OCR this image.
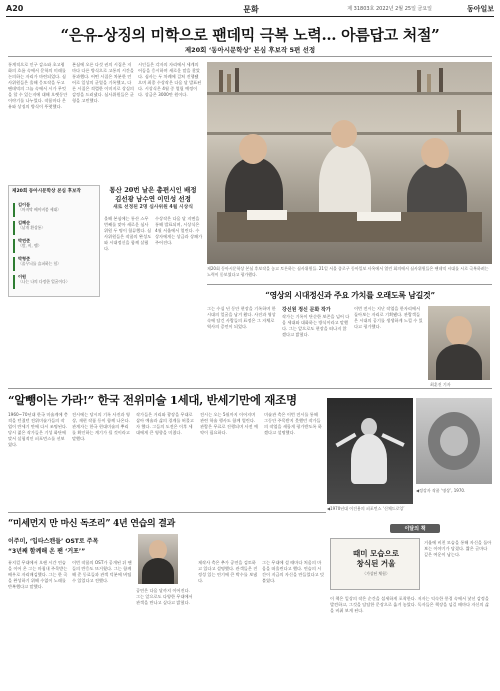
A20	문화	제 31803호 2022년 2월 25일 금요일	동아일보
“은유-상징의 미학으로 팬데믹 극복 노력… 아름답고 처절”
제20회 ‘동아시문학상’ 본심 후보작 5편 선정
통계적으로 인구 감소와 초고령화의 흐름 속에서 문학의 미래를 논의하는 자리가 마련되었다. 심사위원들은 올해 응모작을 두고 팬데믹의 그늘 속에서 시가 무엇을 할 수 있는지에 대해 오랫동안 이야기를 나누었다. 작품마다 은유와 상징의 방식이 뚜렷했다.
본심에 오른 다섯 권의 시집은 저마다 다른 방식으로 고통의 시간을 통과했다. 어떤 시집은 차분한 언어로 일상의 균열을 기록했고, 다른 시집은 격렬한 이미지로 상실의 감정을 드러냈다. 심사위원들은 균형을 고민했다.
시인들은 각자의 자리에서 세계의 어둠을 응시하며 새로운 말을 찾았다. 심사는 두 차례에 걸쳐 진행됐으며 최종 수상작은 다음 달 발표된다. 시상식은 4월 중 열릴 예정이다. 상금은 3000만 원이다.
제20회 동아시문학상 본심 후보작
김이듬
〈마지막 베이비붐 세대〉
김혜순
〈날개 환상통〉
박연준
〈밤, 비, 뱀〉
박형준
〈줄무늬를 슬퍼하는 힘〉
이원
〈나는 나의 다정한 얼굴이다〉
통산 20번 낱은 총편시인 배정
김선광 남수연 이민성 선정
새로 선정된 2명 심사위원 4월 시상식
올해 본심에는 통산 스무 번째를 맞아 새로운 심사위원 두 명이 합류했다. 심사위원들은 작품의 완성도와 시대정신을 함께 살폈다.
수상작은 다음 달 지면을 통해 발표되며, 시상식은 4월 서울에서 열린다. 수상자에게는 상금과 상패가 주어진다.
제20회 동아시문학상 본심 후보작을 놓고 토론하는 심사위원들. 21일 서울 종로구 동아일보 사옥에서 열린 회의에서 심사위원들은 팬데믹 시대를 시로 극복하려는 노력이 돋보였다고 평가했다.
“영상의 시대정신과 주요 가치를 오래도록 남길것”
그는 수십 년 동안 현장을 기록하며 한 시대의 얼굴을 남겨 왔다. 사진과 영상 속에 담긴 사람들의 표정은 그 자체로 역사의 증언이 되었다.
강신원 정신 문화 작가
작가는 기록이 단순한 보존을 넘어 다음 세대와 대화하는 방식이라고 말했다. 그는 앞으로도 현장을 떠나지 않겠다고 밝혔다.
이번 전시는 지난 작업을 한자리에서 돌아보는 자리로 기획됐다. 관람객들은 시대의 공기를 생생하게 느낄 수 있다고 평가했다.
최훈진 기자
“알뺑이는 가라!” 한국 전위미술 1세대, 반세기만에 재조명
1960~70년대 한국 미술계에 충격을 던졌던 전위미술가들의 작업이 반세기 만에 다시 조명된다. 당시 젊은 작가들은 기성 화단에 맞서 실험적인 퍼포먼스를 선보였다.
전시에는 당시의 기록 사진과 영상, 재현 작품 등이 함께 나온다. 관계자는 한국 현대미술의 뿌리를 확인하는 계기가 될 것이라고 말했다.
작가들은 거리와 광장을 무대로 삼아 예술과 삶의 경계를 허물고자 했다. 그들의 도전은 이후 세대에게 큰 영향을 미쳤다.
전시는 오는 5월까지 이어지며 관련 학술 행사도 함께 열린다. 관람은 무료로 진행되며 사전 예약이 필요하다.
미술관 측은 이번 전시를 통해 그동안 주목받지 못했던 작가들의 작업을 새롭게 평가받도록 하겠다고 설명했다.
◀1970년대 이건용의 퍼포먼스 ‘신체드로잉’
◀정강자 작품 ‘명상’, 1970.
“미세먼지 만 마신 독조리” 4년 연습의 결과
이주미, ‘입타스캔들’ OST로 주목
“3년째 함께해 온 팬 ‘거포’”
뮤지컬 무대에서 오랜 시간 연습을 이어 온 그는 마침내 주목받는 배우로 자리매김했다. 그는 한 곡을 완성하기 위해 수없이 노래를 반복했다고 말했다.
이번 작품의 OST가 공개된 뒤 팬들의 반응도 뜨거웠다. 그는 함께해 준 동료들과 관객 덕분에 버틸 수 있었다고 전했다.
공연은 다음 달까지 이어진다. 그는 앞으로도 다양한 무대에서 관객을 만나고 싶다고 밝혔다.
제작사 측은 추가 공연을 검토하고 있다고 설명했다. 관객들은 진정성 있는 연기에 큰 박수를 보냈다.
그는 무대에 설 때마다 처음의 마음을 떠올린다고 했다. 연습의 시간이 지금의 자신을 만들었다고 덧붙였다.
이달의 책
때미 모습으로
창식된 거울
〈가상된 체험〉
거울에 비친 모습을 통해 자신을 돌아보는 이야기가 담겼다. 짧은 글마다 깊은 여운이 남는다.
이 책은 일상의 작은 순간을 섬세하게 포착한다. 저자는 익숙한 풍경 속에서 낯선 감정을 발견하고, 그것을 담담한 문장으로 옮겨 놓았다. 독자들은 책장을 넘길 때마다 자신의 삶을 비춰 보게 된다.
